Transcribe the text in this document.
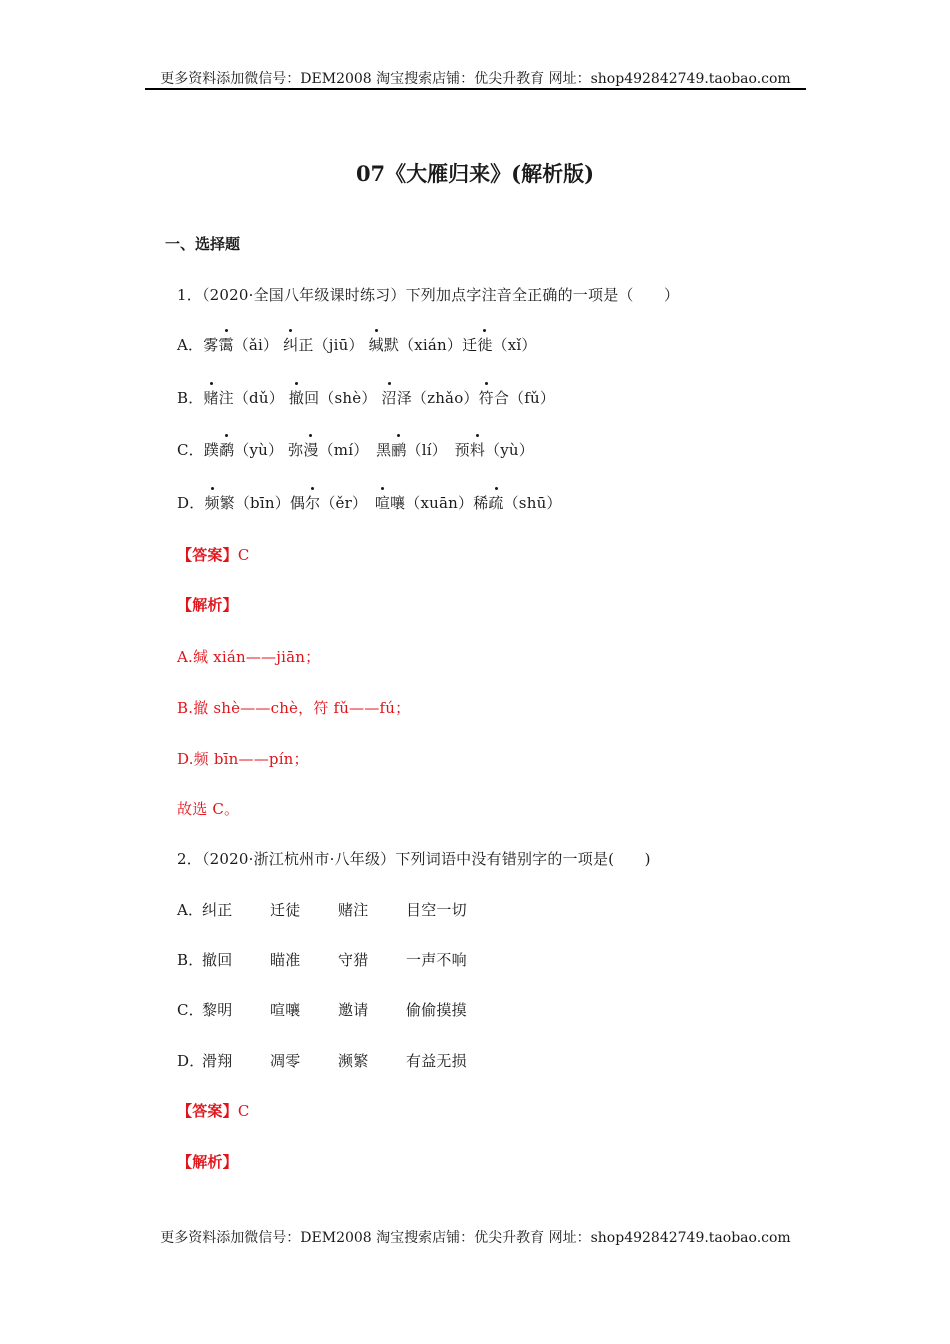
更多资料添加微信号：DEM2008 淘宝搜索店铺：优尖升教育 网址：shop492842749.taobao.com
07《大雁归来》(解析版)
一、选择题
1．（2020·全国八年级课时练习）下列加点字注音全正确的一项是（　　）
A．雾霭（ǎi） 纠正（jiū） 缄默（xián）迁徙（xǐ）
B．赌注（dǔ） 撤回（shè） 沼泽（zhǎo）符合（fǔ）
C．蹼鹬（yù） 弥漫（mí）　黑鹂（lí）　预料（yù）
D．频繁（bīn）偶尔（ěr）　喧嚷（xuān）稀疏（shū）
【答案】C
【解析】
A.缄 xián——jiān；
B.撤 shè——chè，符 fǔ——fú；
D.频 bīn——pín；
故选 C。
2．（2020·浙江杭州市·八年级）下列词语中没有错别字的一项是(　　)
A．纠正	迁徒	赌注	目空一切
B．撤回	瞄准	守猎	一声不响
C．黎明	喧嚷	邀请	偷偷摸摸
D．滑翔	凋零	濒繁	有益无损
【答案】C
【解析】
更多资料添加微信号：DEM2008 淘宝搜索店铺：优尖升教育 网址：shop492842749.taobao.com
